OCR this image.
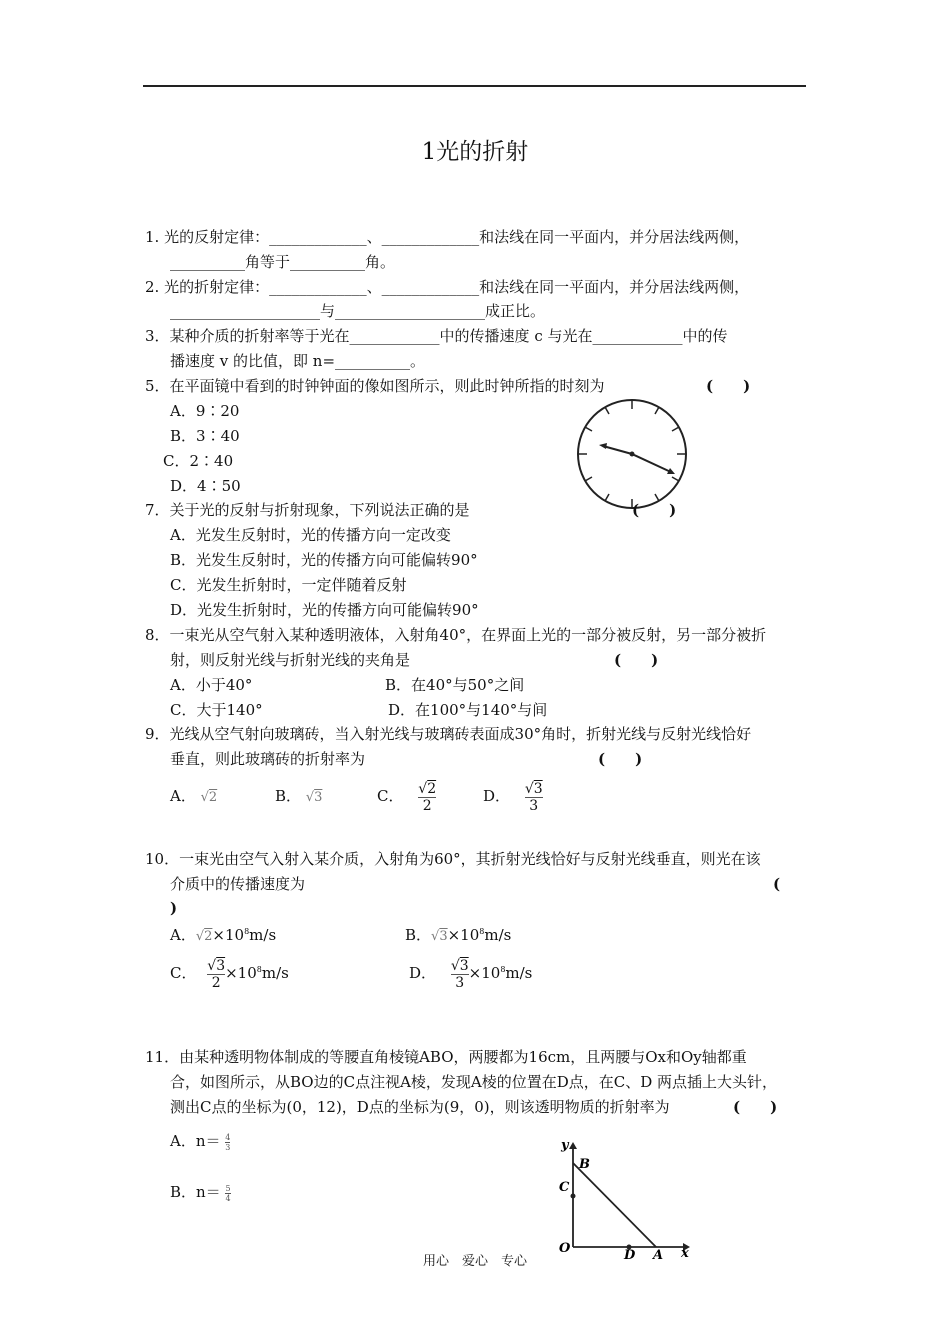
1光的折射
1. 光的反射定律：_____________、_____________和法线在同一平面内，并分居法线两侧，
__________角等于__________角。
2. 光的折射定律：_____________、_____________和法线在同一平面内，并分居法线两侧，
____________________与____________________成正比。
3．某种介质的折射率等于光在____________中的传播速度 c 与光在____________中的传
播速度 v 的比值，即 n=__________。
5．在平面镜中看到的时钟钟面的像如图所示，则此时钟所指的时刻为	(　　)
A．9∶20
B．3∶40
C．2∶40
D．4∶50
7．关于光的反射与折射现象，下列说法正确的是	(　　)
A．光发生反射时，光的传播方向一定改变
B．光发生反射时，光的传播方向可能偏转90°
C．光发生折射时，一定伴随着反射
D．光发生折射时，光的传播方向可能偏转90°
8．一束光从空气射入某种透明液体，入射角40°，在界面上光的一部分被反射，另一部分被折
射，则反射光线与折射光线的夹角是	(　　)
A．小于40°	B．在40°与50°之间
C．大于140°	D．在100°与140°与间
9．光线从空气射向玻璃砖，当入射光线与玻璃砖表面成30°角时，折射光线与反射光线恰好
垂直，则此玻璃砖的折射率为	(　　)
A． √2	B． √3	C． $\frac{√2}{2}$	D． $\frac{√3}{3}$
10．一束光由空气入射入某介质，入射角为60°，其折射光线恰好与反射光线垂直，则光在该
介质中的传播速度为	(
)
A．$√2\times 10^8m/s$	B．$√3\times 10^8m/s$
C． $\frac{√3}{2} \times 10^8m/s$	D． $\frac{√3}{3} \times 10^8m/s$
11．由某种透明物体制成的等腰直角棱镜ABO，两腰都为16cm，且两腰与Ox和Oy轴都重
合，如图所示，从BO边的C点注视A棱，发现A棱的位置在D点，在C、D 两点插上大头针，
测出C点的坐标为(0，12)，D点的坐标为(9，0)，则该透明物质的折射率为	(　　)
A．$n= \frac{4}{3}$
B．$n= \frac{5}{4}$
y
x
B
C
O	D A
用心　爱心　专心
